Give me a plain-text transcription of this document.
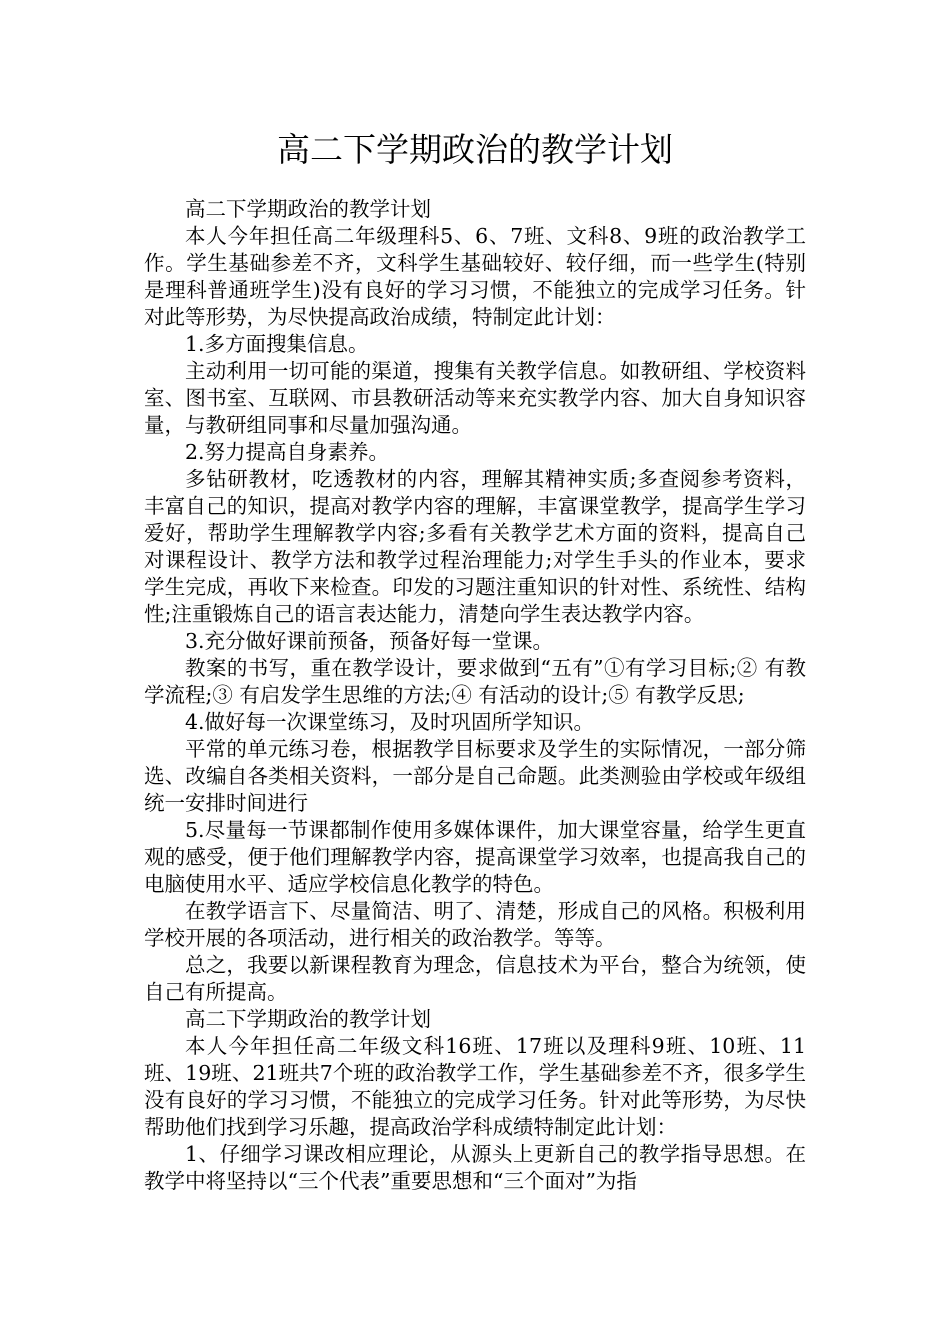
高二下学期政治的教学计划

高二下学期政治的教学计划

本人今年担任高二年级理科5、6、7班、文科8、9班的政治教学工作。学生基础参差不齐，文科学生基础较好、较仔细，而一些学生(特别是理科普通班学生)没有良好的学习习惯，不能独立的完成学习任务。针对此等形势，为尽快提高政治成绩，特制定此计划：

1.多方面搜集信息。

主动利用一切可能的渠道，搜集有关教学信息。如教研组、学校资料室、图书室、互联网、市县教研活动等来充实教学内容、加大自身知识容量，与教研组同事和尽量加强沟通。

2.努力提高自身素养。

多钻研教材，吃透教材的内容，理解其精神实质;多查阅参考资料，丰富自己的知识，提高对教学内容的理解，丰富课堂教学，提高学生学习爱好，帮助学生理解教学内容;多看有关教学艺术方面的资料，提高自己对课程设计、教学方法和教学过程治理能力;对学生手头的作业本，要求学生完成，再收下来检查。印发的习题注重知识的针对性、系统性、结构性;注重锻炼自己的语言表达能力，清楚向学生表达教学内容。

3.充分做好课前预备，预备好每一堂课。

教案的书写，重在教学设计，要求做到“五有”①有学习目标;② 有教学流程;③ 有启发学生思维的方法;④ 有活动的设计;⑤ 有教学反思;

4.做好每一次课堂练习，及时巩固所学知识。

平常的单元练习卷，根据教学目标要求及学生的实际情况，一部分筛选、改编自各类相关资料，一部分是自己命题。此类测验由学校或年级组统一安排时间进行

5.尽量每一节课都制作使用多媒体课件，加大课堂容量，给学生更直观的感受，便于他们理解教学内容，提高课堂学习效率，也提高我自己的电脑使用水平、适应学校信息化教学的特色。

在教学语言下、尽量简洁、明了、清楚，形成自己的风格。积极利用学校开展的各项活动，进行相关的政治教学。等等。

总之，我要以新课程教育为理念，信息技术为平台，整合为统领，使自己有所提高。

高二下学期政治的教学计划

本人今年担任高二年级文科16班、17班以及理科9班、10班、11班、19班、21班共7个班的政治教学工作，学生基础参差不齐，很多学生没有良好的学习习惯，不能独立的完成学习任务。针对此等形势，为尽快帮助他们找到学习乐趣，提高政治学科成绩特制定此计划：

1、仔细学习课改相应理论，从源头上更新自己的教学指导思想。在教学中将坚持以“三个代表”重要思想和“三个面对”为指
